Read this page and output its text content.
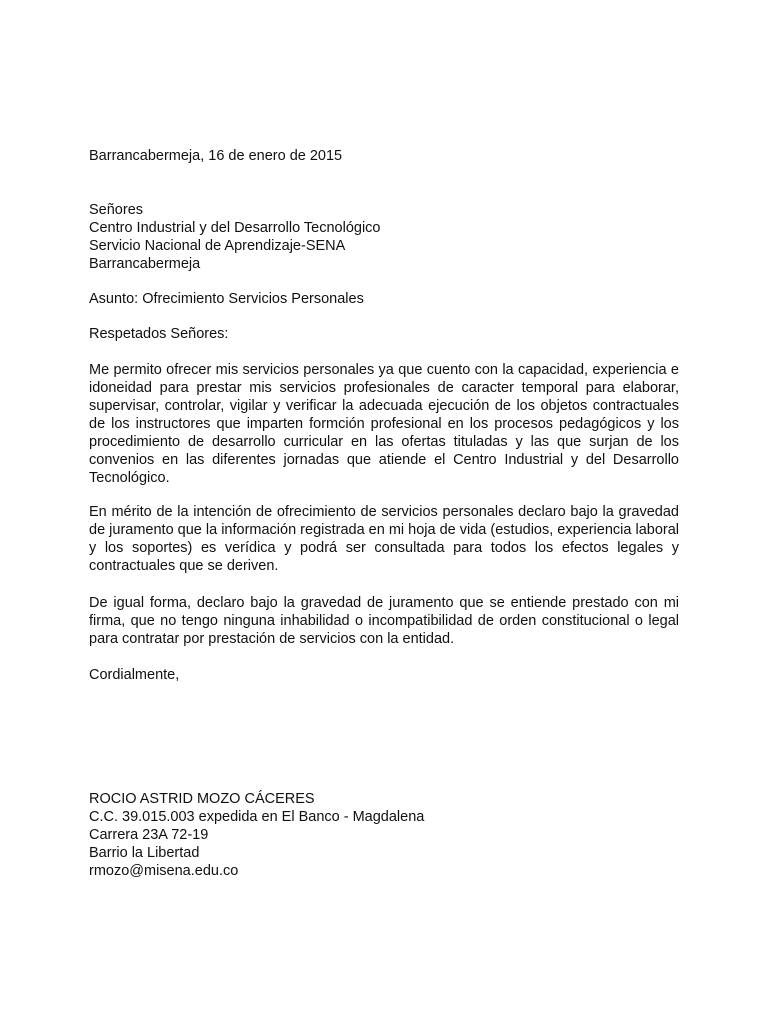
Barrancabermeja, 16 de enero de 2015
Señores
Centro Industrial y del Desarrollo Tecnológico
Servicio Nacional de Aprendizaje-SENA
Barrancabermeja
Asunto: Ofrecimiento Servicios Personales
Respetados Señores:

Me permito ofrecer mis servicios personales ya que cuento con la capacidad, experiencia e idoneidad para prestar mis servicios profesionales de caracter temporal para elaborar, supervisar, controlar, vigilar y verificar la adecuada ejecución de los objetos contractuales de los instructores que imparten formción profesional en los procesos pedagógicos y los procedimiento de desarrollo curricular en las ofertas tituladas y las que surjan de los convenios en las diferentes jornadas que atiende el Centro Industrial y del Desarrollo Tecnológico.

En mérito de la intención de ofrecimiento de servicios personales declaro bajo la gravedad de juramento que la información registrada en mi hoja de vida (estudios, experiencia laboral y los soportes) es verídica y podrá ser consultada para todos los efectos legales y contractuales que se deriven.

De igual forma, declaro bajo la gravedad de juramento que se entiende prestado con mi firma, que no tengo ninguna inhabilidad o incompatibilidad de orden constitucional o legal para contratar por prestación de servicios con la entidad.

Cordialmente,
ROCIO ASTRID MOZO CÁCERES
C.C. 39.015.003 expedida en El Banco - Magdalena
Carrera 23A 72-19
Barrio la Libertad
rmozo@misena.edu.co
